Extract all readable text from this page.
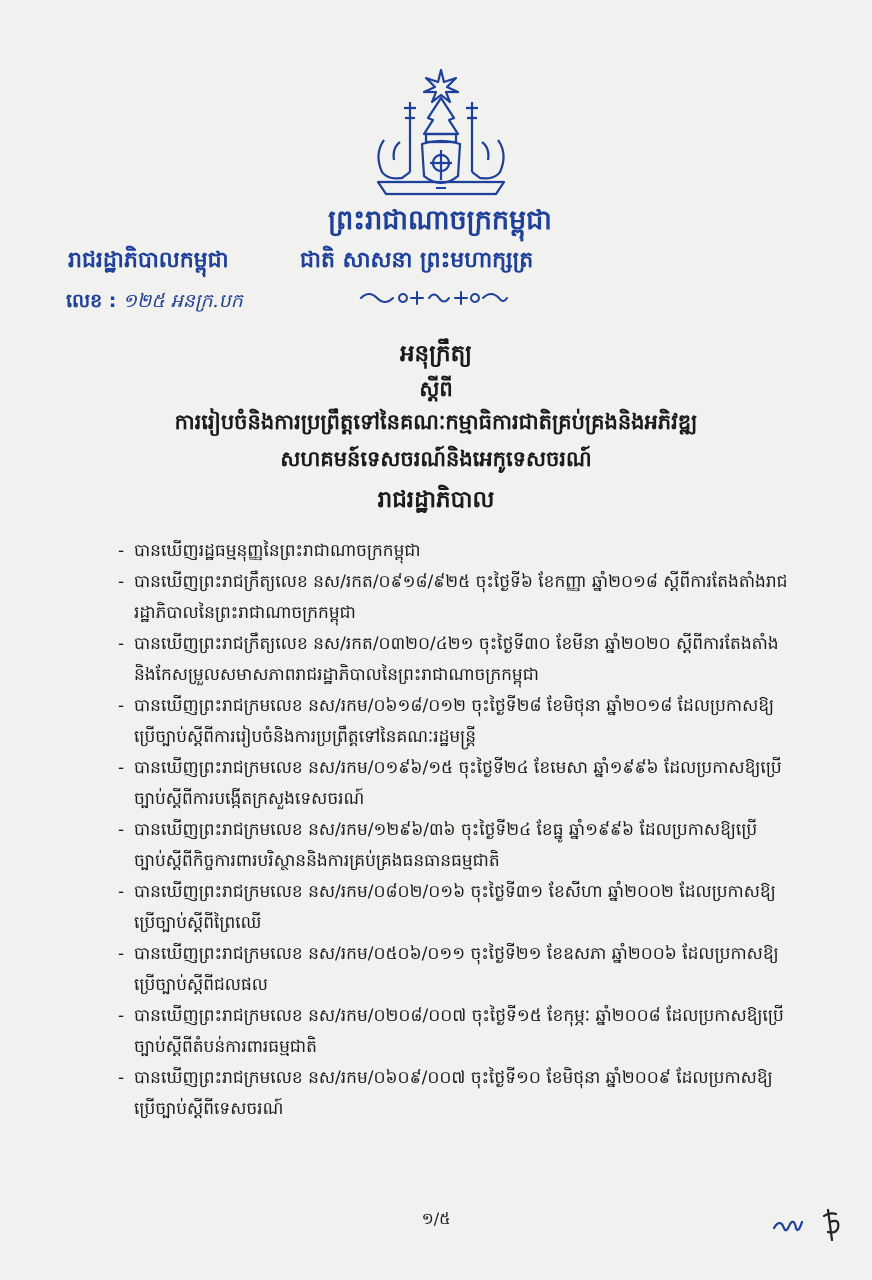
ព្រះរាជាណាចក្រកម្ពុជា
រាជរដ្ឋាភិបាលកម្ពុជា	ជាតិ សាសនា ព្រះមហាក្សត្រ
លេខ : ១២៥ អនក្រ.បក
អនុក្រឹត្យ
ស្តីពី
ការរៀបចំនិងការប្រព្រឹត្តទៅនៃគណៈកម្មាធិការជាតិគ្រប់គ្រងនិងអភិវឌ្ឍ
សហគមន៍ទេសចរណ៍និងអេកូទេសចរណ៍
រាជរដ្ឋាភិបាល
- បានឃើញរដ្ឋធម្មនុញ្ញនៃព្រះរាជាណាចក្រកម្ពុជា
- បានឃើញព្រះរាជក្រឹត្យលេខ នស/រកត/០៩១៨/៩២៥ ចុះថ្ងៃទី៦ ខែកញ្ញា ឆ្នាំ២០១៨ ស្តីពីការតែងតាំងរាជរដ្ឋាភិបាលនៃព្រះរាជាណាចក្រកម្ពុជា
- បានឃើញព្រះរាជក្រឹត្យលេខ នស/រកត/០៣២០/៤២១ ចុះថ្ងៃទី៣០ ខែមីនា ឆ្នាំ២០២០ ស្តីពីការតែងតាំងនិងកែសម្រួលសមាសភាពរាជរដ្ឋាភិបាលនៃព្រះរាជាណាចក្រកម្ពុជា
- បានឃើញព្រះរាជក្រមលេខ នស/រកម/០៦១៨/០១២ ចុះថ្ងៃទី២៨ ខែមិថុនា ឆ្នាំ២០១៨ ដែលប្រកាសឱ្យប្រើច្បាប់ស្តីពីការរៀបចំនិងការប្រព្រឹត្តទៅនៃគណៈរដ្ឋមន្ត្រី
- បានឃើញព្រះរាជក្រមលេខ នស/រកម/០១៩៦/១៥ ចុះថ្ងៃទី២៤ ខែមេសា ឆ្នាំ១៩៩៦ ដែលប្រកាសឱ្យប្រើច្បាប់ស្តីពីការបង្កើតក្រសួងទេសចរណ៍
- បានឃើញព្រះរាជក្រមលេខ នស/រកម/១២៩៦/៣៦ ចុះថ្ងៃទី២៤ ខែធ្នូ ឆ្នាំ១៩៩៦ ដែលប្រកាសឱ្យប្រើច្បាប់ស្តីពីកិច្ចការពារបរិស្ថាននិងការគ្រប់គ្រងធនធានធម្មជាតិ
- បានឃើញព្រះរាជក្រមលេខ នស/រកម/០៨០២/០១៦ ចុះថ្ងៃទី៣១ ខែសីហា ឆ្នាំ២០០២ ដែលប្រកាសឱ្យប្រើច្បាប់ស្តីពីព្រៃឈើ
- បានឃើញព្រះរាជក្រមលេខ នស/រកម/០៥០៦/០១១ ចុះថ្ងៃទី២១ ខែឧសភា ឆ្នាំ២០០៦ ដែលប្រកាសឱ្យប្រើច្បាប់ស្តីពីជលផល
- បានឃើញព្រះរាជក្រមលេខ នស/រកម/០២០៨/០០៧ ចុះថ្ងៃទី១៥ ខែកុម្ភៈ ឆ្នាំ២០០៨ ដែលប្រកាសឱ្យប្រើច្បាប់ស្តីពីតំបន់ការពារធម្មជាតិ
- បានឃើញព្រះរាជក្រមលេខ នស/រកម/០៦០៩/០០៧ ចុះថ្ងៃទី១០ ខែមិថុនា ឆ្នាំ២០០៩ ដែលប្រកាសឱ្យប្រើច្បាប់ស្តីពីទេសចរណ៍
១/៥
